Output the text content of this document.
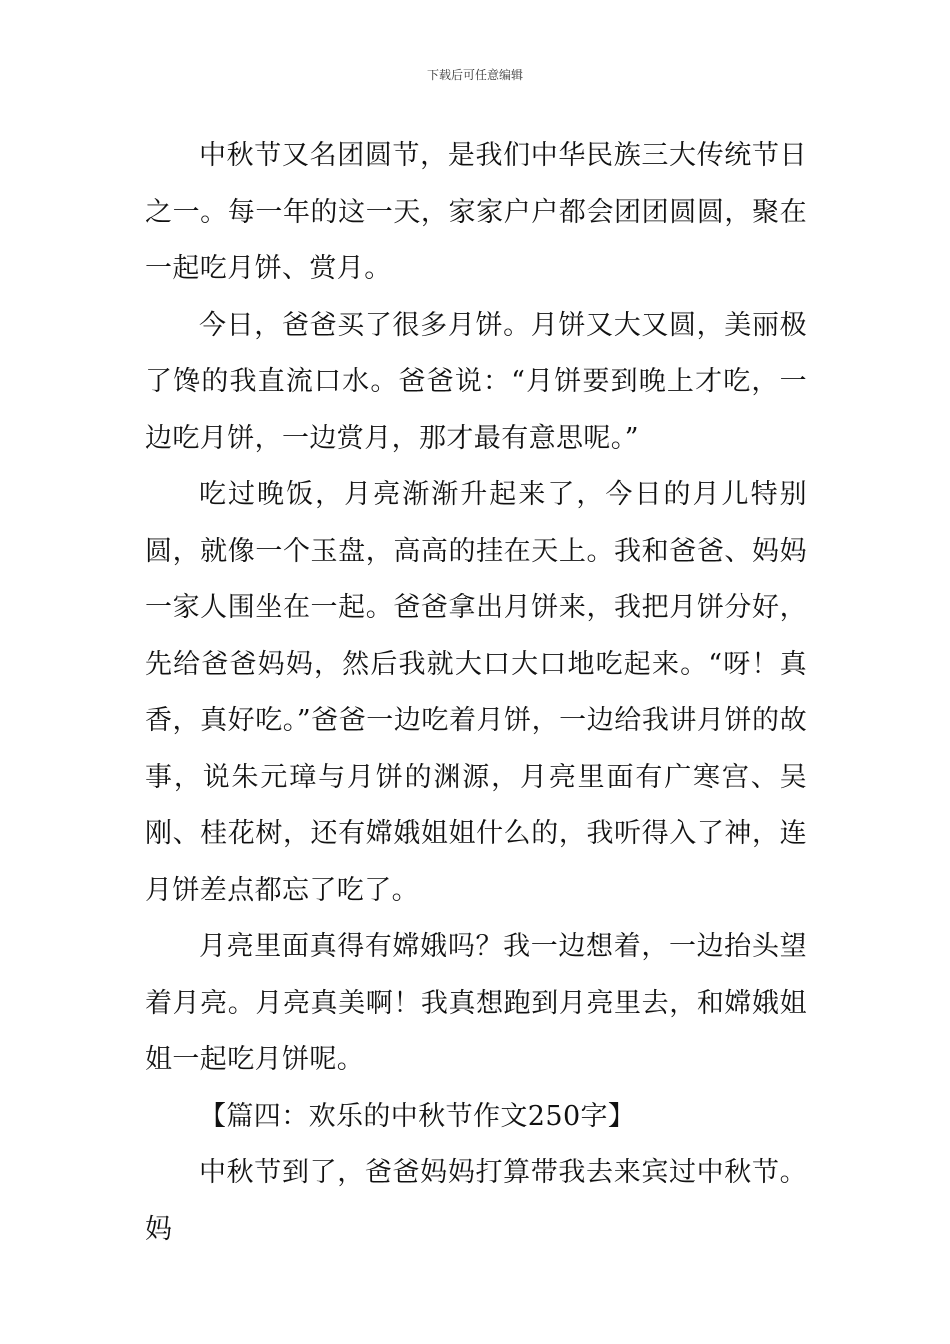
下载后可任意编辑

中秋节又名团圆节，是我们中华民族三大传统节日之一。每一年的这一天，家家户户都会团团圆圆，聚在一起吃月饼、赏月。

今日，爸爸买了很多月饼。月饼又大又圆，美丽极了馋的我直流口水。爸爸说：“月饼要到晚上才吃，一边吃月饼，一边赏月，那才最有意思呢。”

吃过晚饭，月亮渐渐升起来了，今日的月儿特别圆，就像一个玉盘，高高的挂在天上。我和爸爸、妈妈一家人围坐在一起。爸爸拿出月饼来，我把月饼分好，先给爸爸妈妈，然后我就大口大口地吃起来。“呀！真香，真好吃。”爸爸一边吃着月饼，一边给我讲月饼的故事，说朱元璋与月饼的渊源，月亮里面有广寒宫、吴刚、桂花树，还有嫦娥姐姐什么的，我听得入了神，连月饼差点都忘了吃了。

月亮里面真得有嫦娥吗？我一边想着，一边抬头望着月亮。月亮真美啊！我真想跑到月亮里去，和嫦娥姐姐一起吃月饼呢。

【篇四：欢乐的中秋节作文250字】

中秋节到了，爸爸妈妈打算带我去来宾过中秋节。妈
